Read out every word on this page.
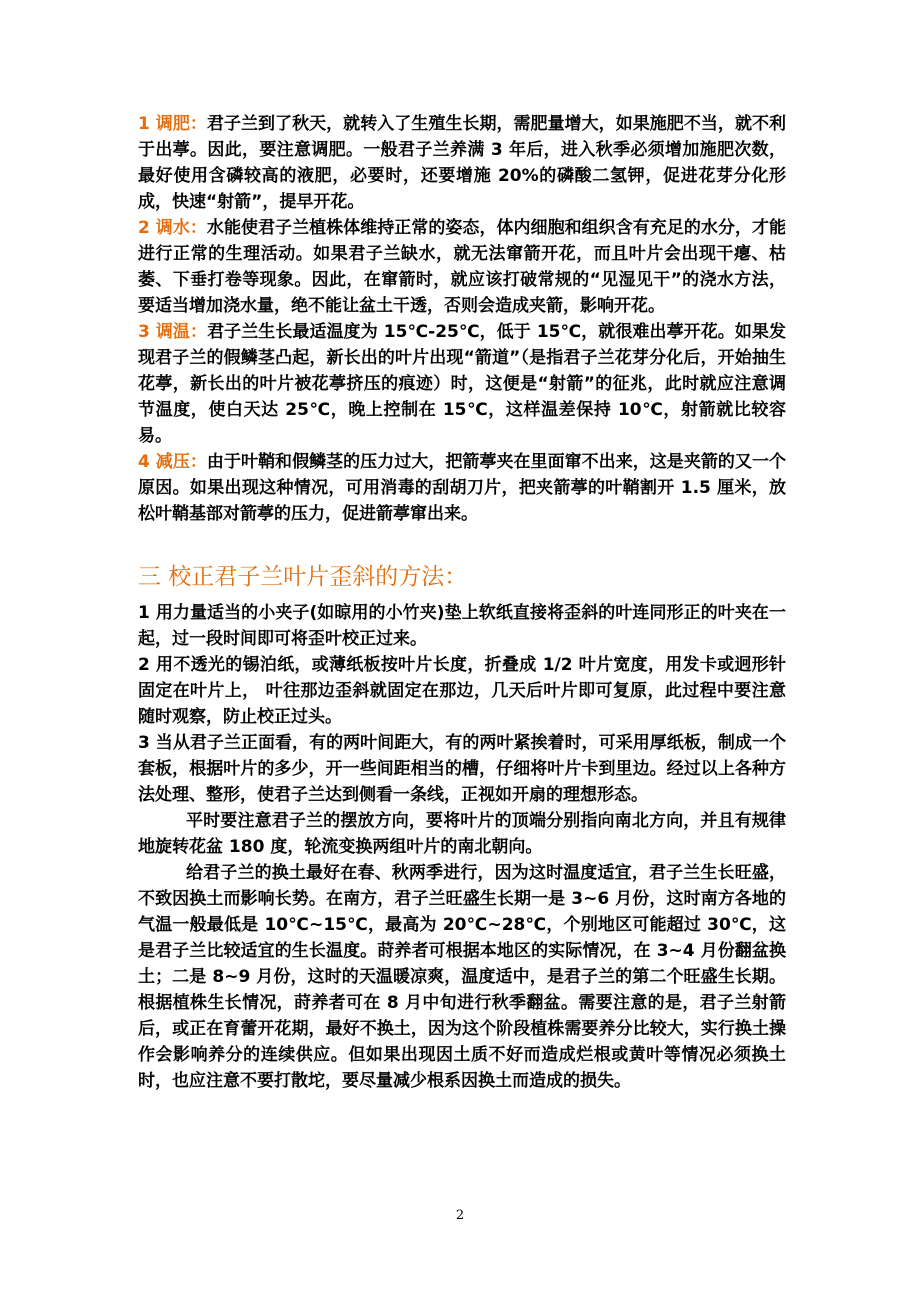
1 调肥：君子兰到了秋天，就转入了生殖生长期，需肥量增大，如果施肥不当，就不利于出葶。因此，要注意调肥。一般君子兰养满 3 年后，进入秋季必须增加施肥次数，最好使用含磷较高的液肥，必要时，还要增施 20%的磷酸二氢钾，促进花芽分化形成，快速“射箭”，提早开花。

2 调水：水能使君子兰植株体维持正常的姿态，体内细胞和组织含有充足的水分，才能进行正常的生理活动。如果君子兰缺水，就无法窜箭开花，而且叶片会出现干瘪、枯萎、下垂打卷等现象。因此，在窜箭时，就应该打破常规的“见湿见干”的浇水方法，要适当增加浇水量，绝不能让盆土干透，否则会造成夹箭，影响开花。

3 调温：君子兰生长最适温度为 15℃-25℃，低于 15℃，就很难出葶开花。如果发现君子兰的假鳞茎凸起，新长出的叶片出现“箭道”（是指君子兰花芽分化后，开始抽生花葶，新长出的叶片被花葶挤压的痕迹）时，这便是“射箭”的征兆，此时就应注意调节温度，使白天达 25℃，晚上控制在 15℃，这样温差保持 10℃，射箭就比较容易。

4 减压：由于叶鞘和假鳞茎的压力过大，把箭葶夹在里面窜不出来，这是夹箭的又一个原因。如果出现这种情况，可用消毒的刮胡刀片，把夹箭葶的叶鞘割开 1.5 厘米，放松叶鞘基部对箭葶的压力，促进箭葶窜出来。

三 校正君子兰叶片歪斜的方法：

1 用力量适当的小夹子(如晾用的小竹夹)垫上软纸直接将歪斜的叶连同形正的叶夹在一起，过一段时间即可将歪叶校正过来。

2 用不透光的锡泊纸，或薄纸板按叶片长度，折叠成 1/2 叶片宽度，用发卡或迥形针固定在叶片上， 叶往那边歪斜就固定在那边，几天后叶片即可复原，此过程中要注意随时观察，防止校正过头。

3 当从君子兰正面看，有的两叶间距大，有的两叶紧挨着时，可采用厚纸板，制成一个套板，根据叶片的多少，开一些间距相当的槽，仔细将叶片卡到里边。经过以上各种方法处理、整形，使君子兰达到侧看一条线，正视如开扇的理想形态。

平时要注意君子兰的摆放方向，要将叶片的顶端分别指向南北方向，并且有规律地旋转花盆 180 度，轮流变换两组叶片的南北朝向。

给君子兰的换土最好在春、秋两季进行，因为这时温度适宜，君子兰生长旺盛，不致因换土而影响长势。在南方，君子兰旺盛生长期一是 3~6 月份，这时南方各地的气温一般最低是 10℃~15℃，最高为 20℃~28℃，个别地区可能超过 30℃，这是君子兰比较适宜的生长温度。莳养者可根据本地区的实际情况，在 3~4 月份翻盆换土；二是 8~9 月份，这时的天温暖凉爽，温度适中，是君子兰的第二个旺盛生长期。根据植株生长情况，莳养者可在 8 月中旬进行秋季翻盆。需要注意的是，君子兰射箭后，或正在育蕾开花期，最好不换土，因为这个阶段植株需要养分比较大，实行换土操作会影响养分的连续供应。但如果出现因土质不好而造成烂根或黄叶等情况必须换土时，也应注意不要打散坨，要尽量减少根系因换土而造成的损失。

2
